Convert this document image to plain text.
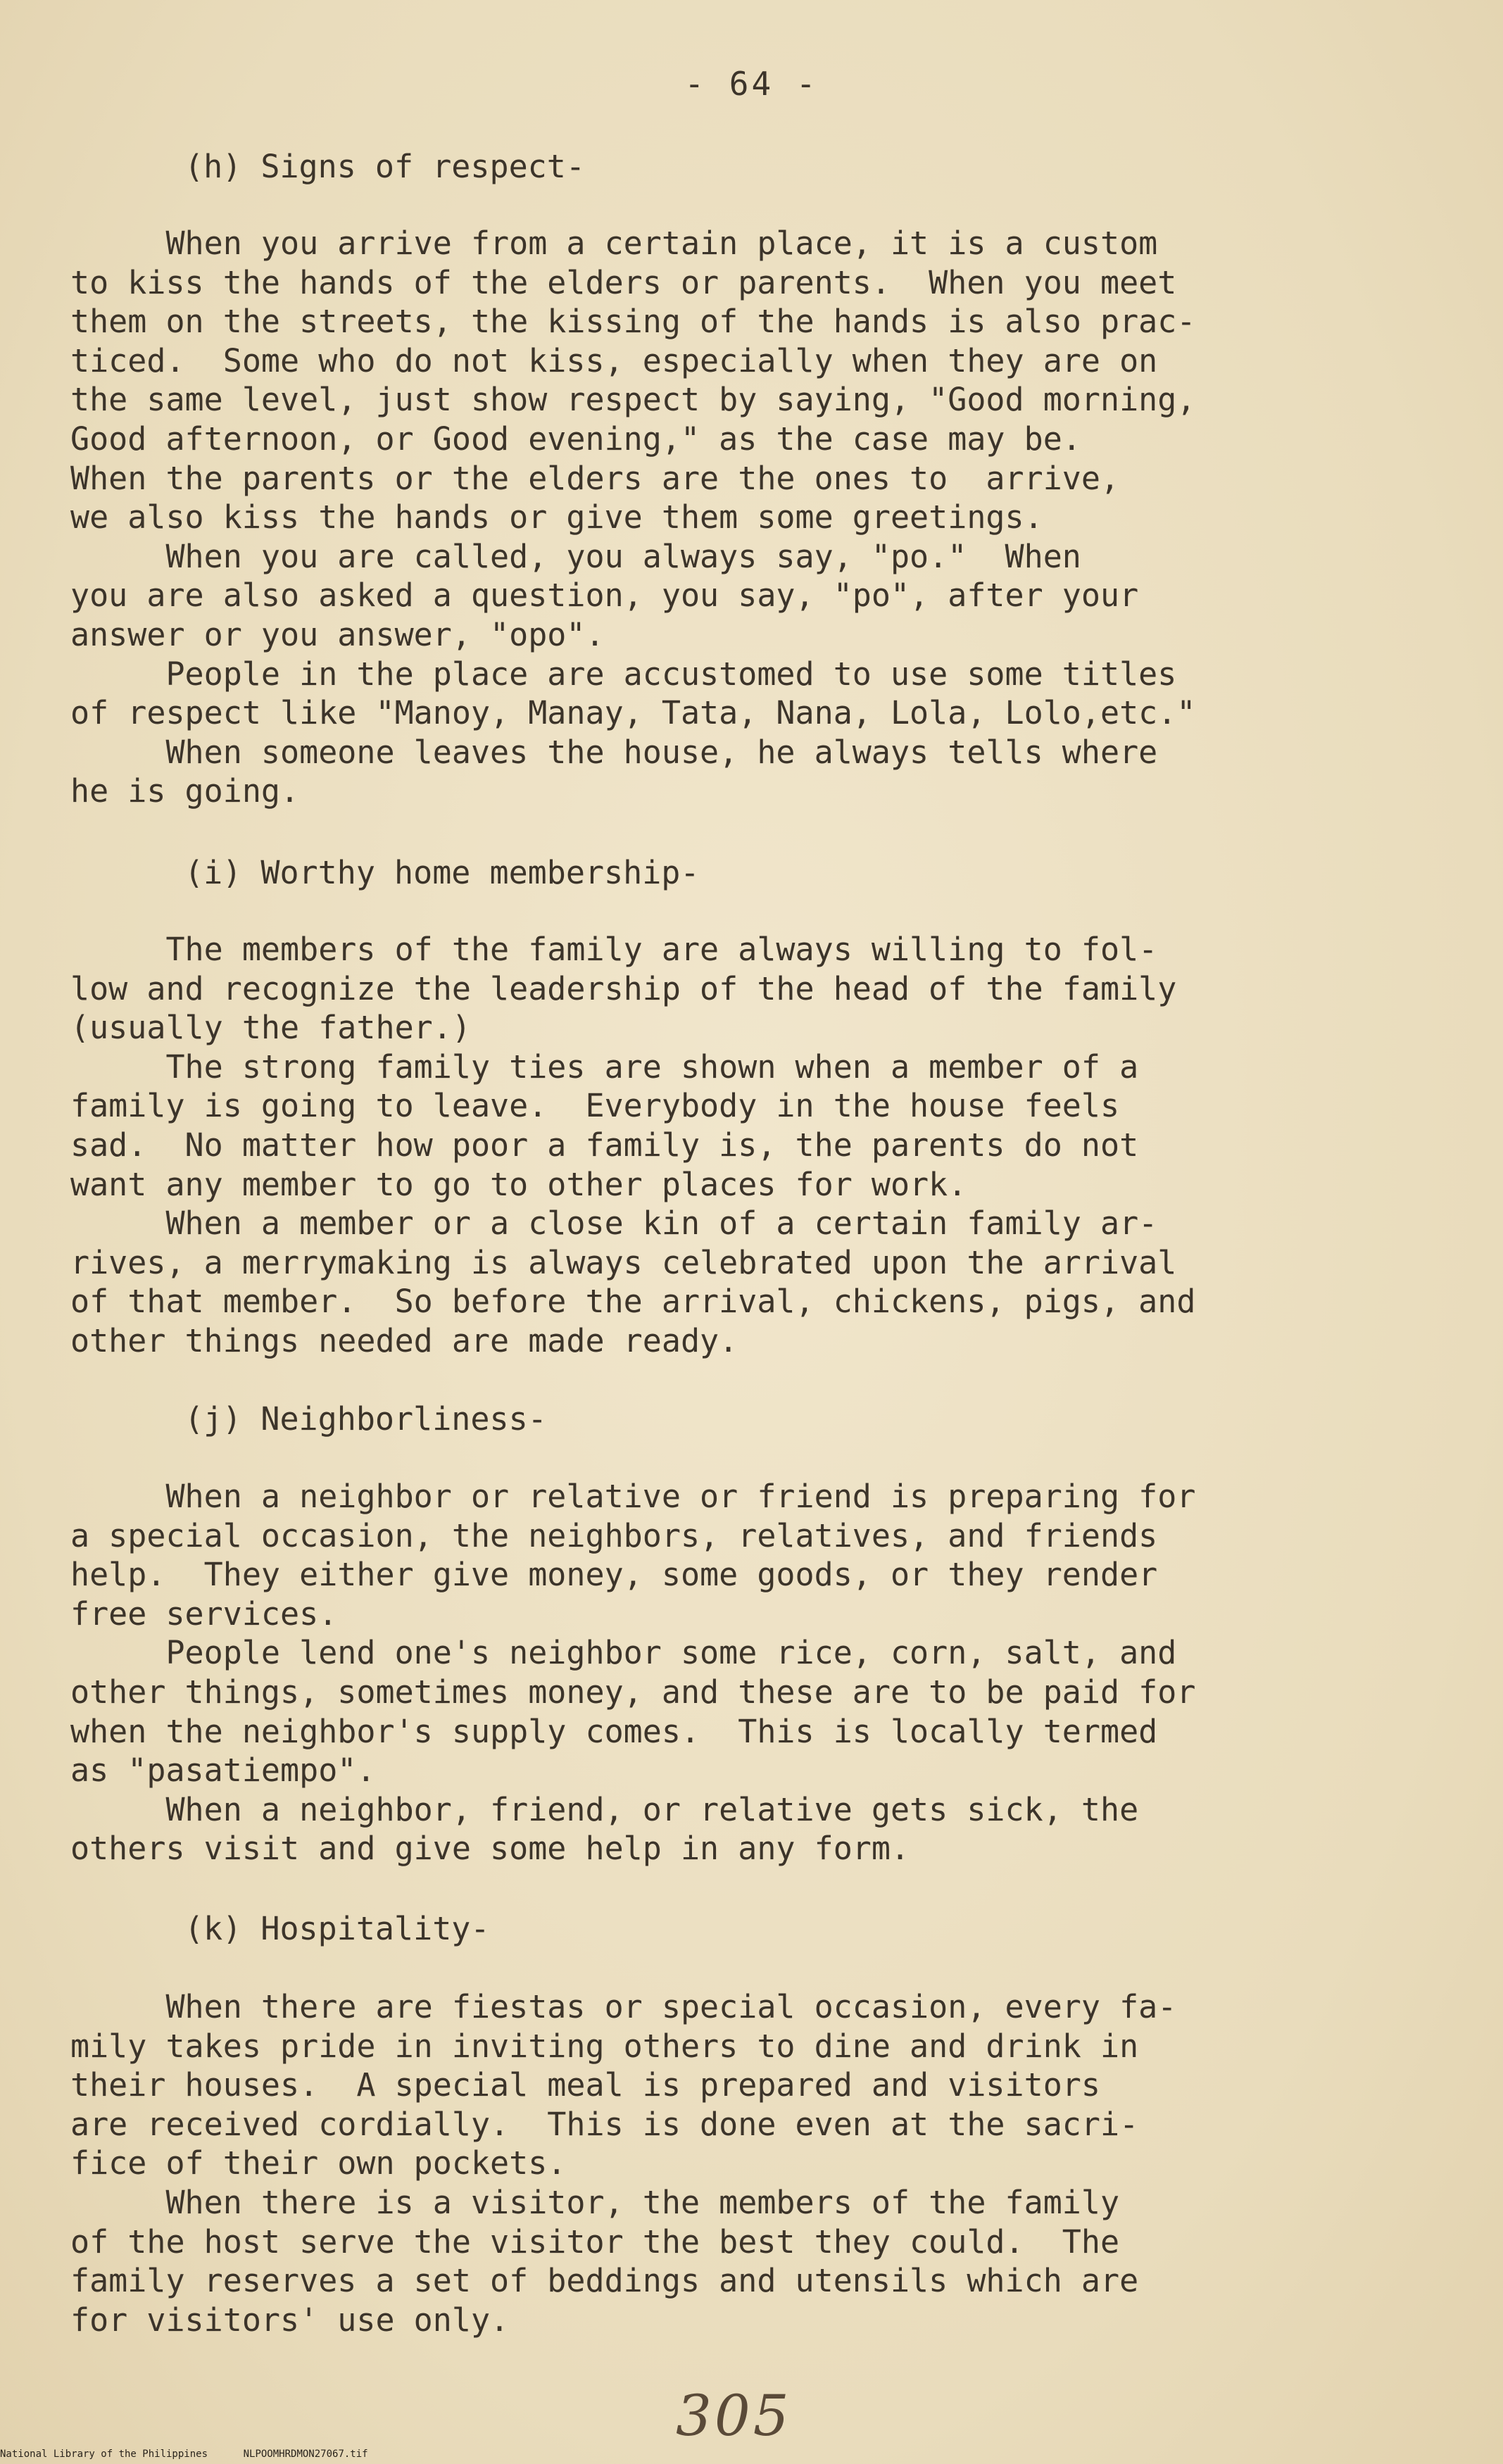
- 64 -
(h) Signs of respect-
When you arrive from a certain place, it is a custom
to kiss the hands of the elders or parents.  When you meet
them on the streets, the kissing of the hands is also prac-
ticed.  Some who do not kiss, especially when they are on
the same level, just show respect by saying, "Good morning,
Good afternoon, or Good evening," as the case may be.
When the parents or the elders are the ones to  arrive,
we also kiss the hands or give them some greetings.
When you are called, you always say, "po."  When
you are also asked a question, you say, "po", after your
answer or you answer, "opo".
People in the place are accustomed to use some titles
of respect like "Manoy, Manay, Tata, Nana, Lola, Lolo,etc."
When someone leaves the house, he always tells where
he is going.
(i) Worthy home membership-
The members of the family are always willing to fol-
low and recognize the leadership of the head of the family
(usually the father.)
The strong family ties are shown when a member of a
family is going to leave.  Everybody in the house feels
sad.  No matter how poor a family is, the parents do not
want any member to go to other places for work.
When a member or a close kin of a certain family ar-
rives, a merrymaking is always celebrated upon the arrival
of that member.  So before the arrival, chickens, pigs, and
other things needed are made ready.
(j) Neighborliness-
When a neighbor or relative or friend is preparing for
a special occasion, the neighbors, relatives, and friends
help.  They either give money, some goods, or they render
free services.
People lend one's neighbor some rice, corn, salt, and
other things, sometimes money, and these are to be paid for
when the neighbor's supply comes.  This is locally termed
as "pasatiempo".
When a neighbor, friend, or relative gets sick, the
others visit and give some help in any form.
(k) Hospitality-
When there are fiestas or special occasion, every fa-
mily takes pride in inviting others to dine and drink in
their houses.  A special meal is prepared and visitors
are received cordially.  This is done even at the sacri-
fice of their own pockets.
When there is a visitor, the members of the family
of the host serve the visitor the best they could.  The
family reserves a set of beddings and utensils which are
for visitors' use only.
305
National Library of the Philippines	NLPOOMHRDMON27067.tif
